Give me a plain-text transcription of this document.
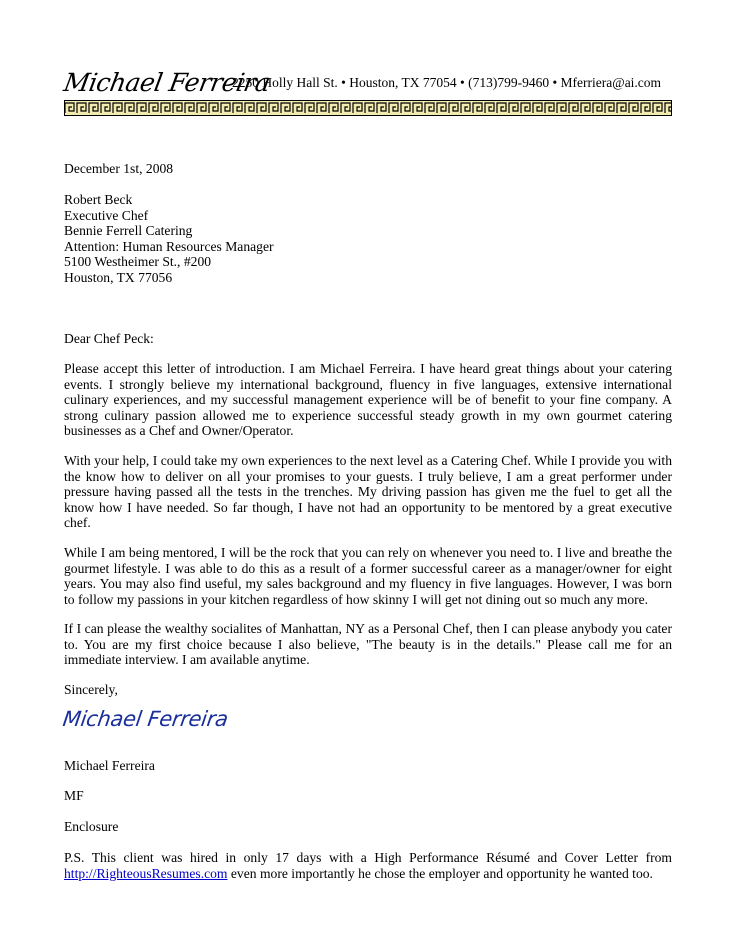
Michael Ferreira
2250 Holly Hall St. • Houston, TX 77054 • (713)799-9460 • Mferriera@ai.com
December 1st, 2008
Robert Beck
Executive Chef
Bennie Ferrell Catering
Attention: Human Resources Manager
5100 Westheimer St., #200
Houston, TX 77056
Dear Chef Peck:
Please accept this letter of introduction. I am Michael Ferreira. I have heard great things about your catering events. I strongly believe my international background, fluency in five languages, extensive international culinary experiences, and my successful management experience will be of benefit to your fine company. A strong culinary passion allowed me to experience successful steady growth in my own gourmet catering businesses as a Chef and Owner/Operator.
With your help, I could take my own experiences to the next level as a Catering Chef. While I provide you with the know how to deliver on all your promises to your guests. I truly believe, I am a great performer under pressure having passed all the tests in the trenches. My driving passion has given me the fuel to get all the know how I have needed. So far though, I have not had an opportunity to be mentored by a great executive chef.
While I am being mentored, I will be the rock that you can rely on whenever you need to. I live and breathe the gourmet lifestyle. I was able to do this as a result of a former successful career as a manager/owner for eight years. You may also find useful, my sales background and my fluency in five languages. However, I was born to follow my passions in your kitchen regardless of how skinny I will get not dining out so much any more.
If I can please the wealthy socialites of Manhattan, NY as a Personal Chef, then I can please anybody you cater to. You are my first choice because I also believe, "The beauty is in the details." Please call me for an immediate interview. I am available anytime.
Sincerely,
Michael Ferreira
Michael Ferreira
MF
Enclosure
P.S. This client was hired in only 17 days with a High Performance Résumé and Cover Letter from http://RighteousResumes.com even more importantly he chose the employer and opportunity he wanted too.
